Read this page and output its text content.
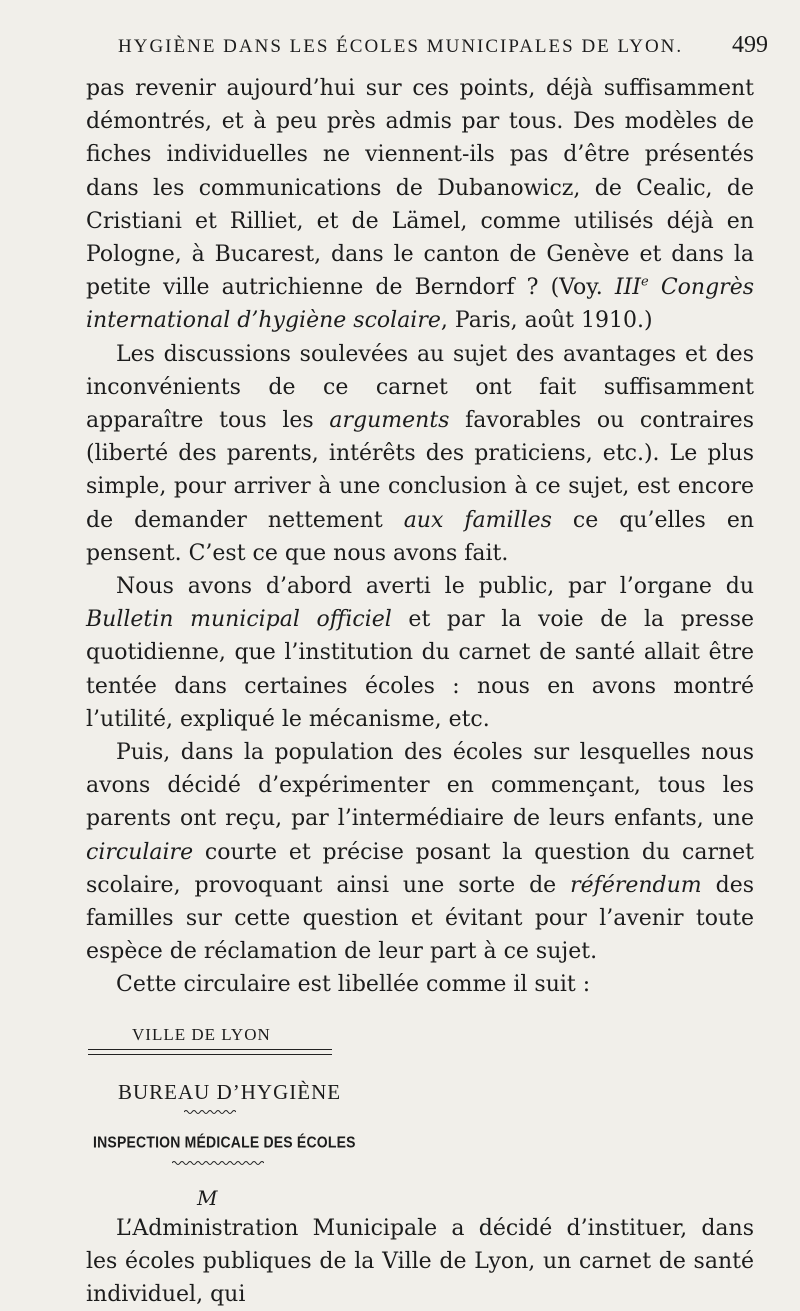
HYGIÈNE DANS LES ÉCOLES MUNICIPALES DE LYON. 499

pas revenir aujourd’hui sur ces points, déjà suffisamment démontrés, et à peu près admis par tous. Des modèles de fiches individuelles ne viennent-ils pas d’être présentés dans les communications de Dubanowicz, de Cealic, de Cristiani et Rilliet, et de Lämel, comme utilisés déjà en Pologne, à Bucarest, dans le canton de Genève et dans la petite ville autrichienne de Berndorf ? (Voy. IIIe Congrès international d’hygiène scolaire, Paris, août 1910.)

Les discussions soulevées au sujet des avantages et des inconvénients de ce carnet ont fait suffisamment apparaître tous les arguments favorables ou contraires (liberté des parents, intérêts des praticiens, etc.). Le plus simple, pour arriver à une conclusion à ce sujet, est encore de demander nettement aux familles ce qu’elles en pensent. C’est ce que nous avons fait.

Nous avons d’abord averti le public, par l’organe du Bulletin municipal officiel et par la voie de la presse quotidienne, que l’institution du carnet de santé allait être tentée dans certaines écoles : nous en avons montré l’utilité, expliqué le mécanisme, etc.

Puis, dans la population des écoles sur lesquelles nous avons décidé d’expérimenter en commençant, tous les parents ont reçu, par l’intermédiaire de leurs enfants, une circulaire courte et précise posant la question du carnet scolaire, provoquant ainsi une sorte de référendum des familles sur cette question et évitant pour l’avenir toute espèce de réclamation de leur part à ce sujet.

Cette circulaire est libellée comme il suit :

VILLE DE LYON
BUREAU D’HYGIÈNE
INSPECTION MÉDICALE DES ÉCOLES
M

L’Administration Municipale a décidé d’instituer, dans les écoles publiques de la Ville de Lyon, un carnet de santé individuel, qui
